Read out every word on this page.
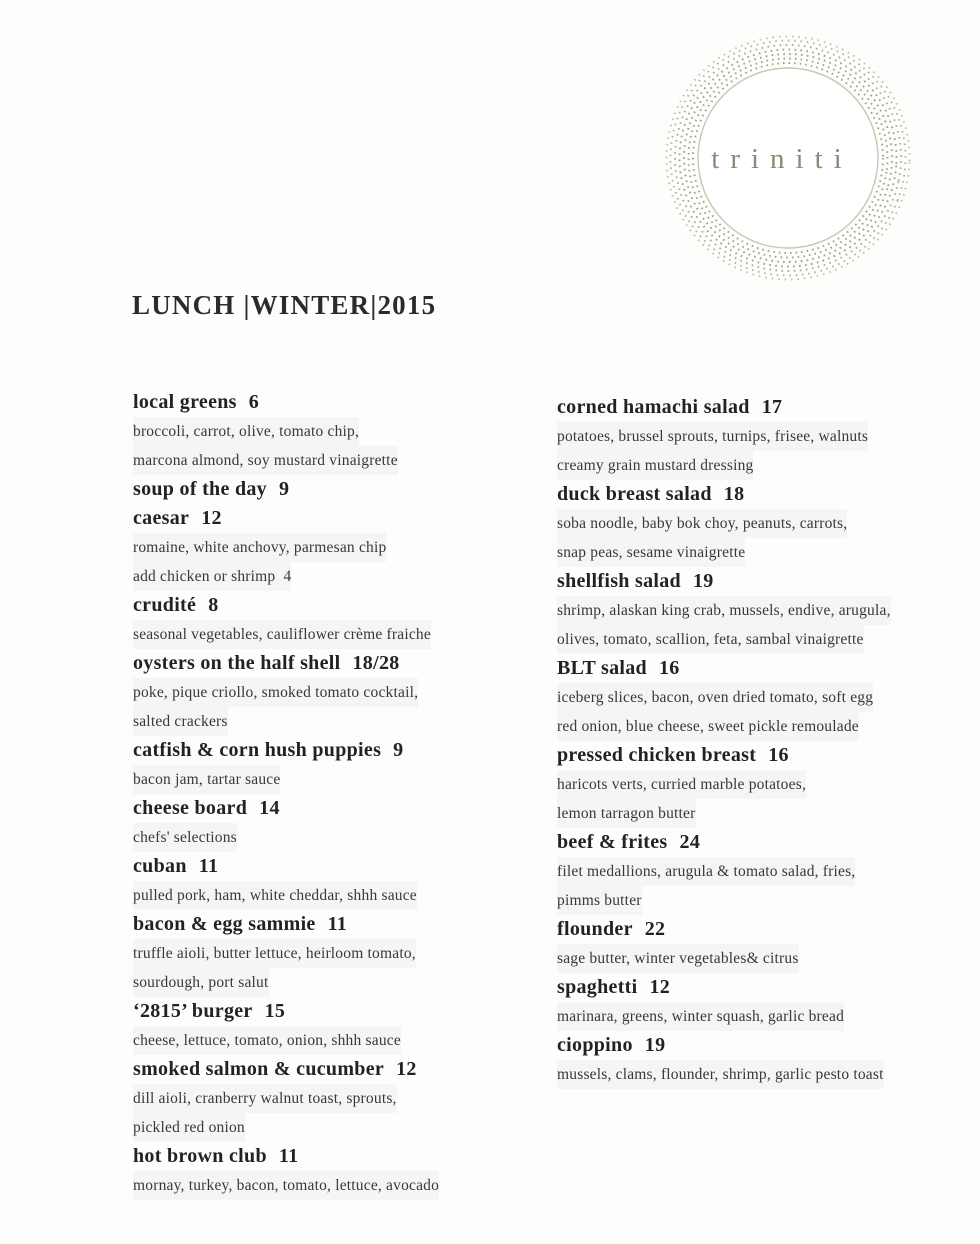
triniti
LUNCH |WINTER|2015
local greens 6
broccoli, carrot, olive, tomato chip,
marcona almond, soy mustard vinaigrette
soup of the day 9
caesar 12
romaine, white anchovy, parmesan chip
add chicken or shrimp  4
crudité 8
seasonal vegetables, cauliflower crème fraiche
oysters on the half shell 18/28
poke, pique criollo, smoked tomato cocktail,
salted crackers
catfish & corn hush puppies 9
bacon jam, tartar sauce
cheese board 14
chefs' selections
cuban 11
pulled pork, ham, white cheddar, shhh sauce
bacon & egg sammie 11
truffle aioli, butter lettuce, heirloom tomato,
sourdough, port salut
‘2815’ burger 15
cheese, lettuce, tomato, onion, shhh sauce
smoked salmon & cucumber 12
dill aioli, cranberry walnut toast, sprouts,
pickled red onion
hot brown club 11
mornay, turkey, bacon, tomato, lettuce, avocado
corned hamachi salad 17
potatoes, brussel sprouts, turnips, frisee, walnuts
creamy grain mustard dressing
duck breast salad 18
soba noodle, baby bok choy, peanuts, carrots,
snap peas, sesame vinaigrette
shellfish salad 19
shrimp, alaskan king crab, mussels, endive, arugula,
olives, tomato, scallion, feta, sambal vinaigrette
BLT salad 16
iceberg slices, bacon, oven dried tomato, soft egg
red onion, blue cheese, sweet pickle remoulade
pressed chicken breast 16
haricots verts, curried marble potatoes,
lemon tarragon butter
beef & frites 24
filet medallions, arugula & tomato salad, fries,
pimms butter
flounder 22
sage butter, winter vegetables& citrus
spaghetti 12
marinara, greens, winter squash, garlic bread
cioppino 19
mussels, clams, flounder, shrimp, garlic pesto toast
